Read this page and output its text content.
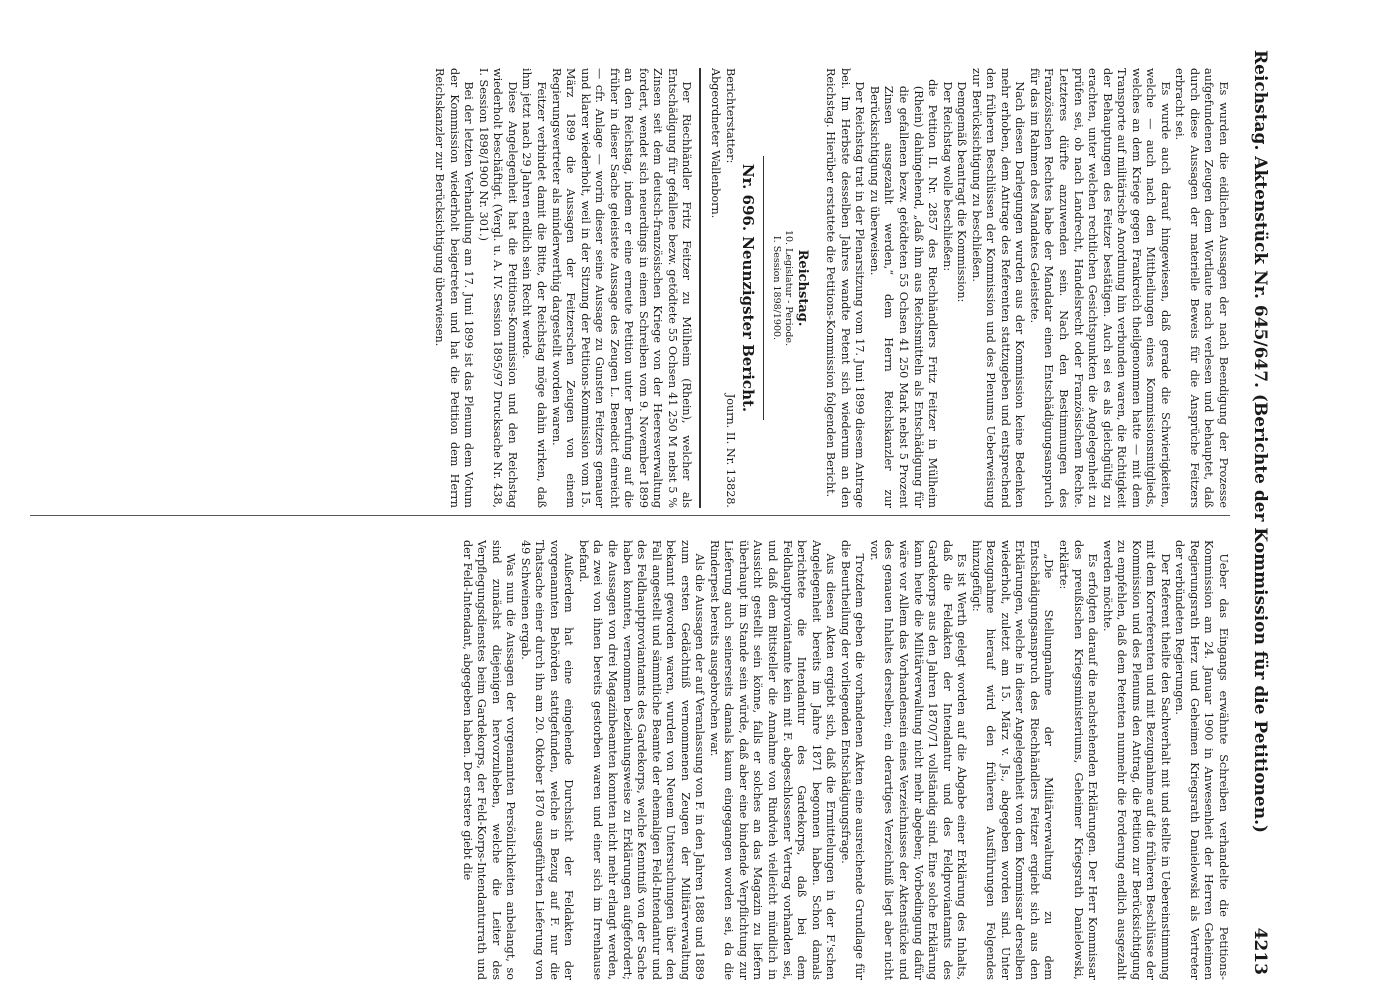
Reichstag. Aktenstück Nr. 645/647. (Berichte der Kommission für die Petitionen.)
4213

Es wurden die eidlichen Aussagen der nach Beendigung der Prozesse aufgefundenen Zeugen dem Wortlaute nach verlesen und behauptet, daß durch diese Aussagen der materielle Beweis für die Ansprüche Feitzers erbracht sei.

Es wurde auch darauf hingewiesen, daß gerade die Schwierigkeiten, welche — auch nach den Mittheilungen eines Kommissionsmitglieds, welches an dem Kriege gegen Frankreich theilgenommen hatte — mit dem Transporte auf militärische Anordnung hin verbunden waren, die Richtigkeit der Behauptungen des Feitzer bestätigen. Auch sei es als gleichgültig zu erachten, unter welchen rechtlichen Gesichtspunkten die Angelegenheit zu prüfen sei, ob nach Landrecht, Handelsrecht oder Französischem Rechte. Letzteres dürfte anzuwenden sein. Nach den Bestimmungen des Französischen Rechtes habe der Mandatar einen Entschädigungsanspruch für das im Rahmen des Mandates Geleistete.

Nach diesen Darlegungen wurden aus der Kommission keine Bedenken mehr erhoben, dem Antrage des Referenten stattzugeben und entsprechend den früheren Beschlüssen der Kommission und des Plenums Ueberweisung zur Berücksichtigung zu beschließen.

Demgemäß beantragt die Kommission:

Der Reichstag wolle beschließen:

die Petition II. Nr. 2857 des Riechhändlers Fritz Feitzer in Mülheim (Rhein) dahingehend, „daß ihm aus Reichsmitteln als Entschädigung für die gefallenen bezw. getödteten 55 Ochsen 41 250 Mark nebst 5 Prozent Zinsen ausgezahlt werden,“ dem Herrn Reichskanzler zur Berücksichtigung zu überweisen.

Der Reichstag trat in der Plenarsitzung vom 17. Juni 1899 diesem Antrage bei. Im Herbste desselben Jahres wandte Petent sich wiederum an den Reichstag. Hierüber erstattete die Petitions-Kommission folgenden Bericht.

Reichstag.

10. Legislatur - Periode.

I. Session 1898/1900.

Nr. 696. Neunzigster Bericht.

Berichterstatter:
Journ. II. Nr. 13828.

Abgeordneter Wallenborn.

Der Riechhändler Fritz Feitzer zu Mülheim (Rhein), welcher als Entschädigung für gefallene bezw. getödtete 55 Ochsen 41 250 M nebst 5 % Zinsen seit dem deutsch-französischen Kriege von der Heeresverwaltung fordert, wendet sich neuerdings in einem Schreiben vom 9. November 1899 an den Reichstag, indem er eine erneute Petition unter Berufung auf die früher in dieser Sache geleistete Aussage des Zeugen L. Benedict einreicht — cfr. Anlage — worin dieser seine Aussage zu Gunsten Feitzers genauer und klarer wiederholt, weil in der Sitzung der Petitions-Kommission vom 15. März 1899 die Aussagen der Feitzerschen Zeugen von einem Regierungsvertreter als minderwerthig dargestellt worden waren.

Feitzer verbindet damit die Bitte, der Reichstag möge dahin wirken, daß ihm jetzt nach 29 Jahren endlich sein Recht werde.

Diese Angelegenheit hat die Petitions-Kommission und den Reichstag wiederholt beschäftigt. (Vergl. u. A. IV. Session 1895/97 Drucksache Nr. 438, I. Session 1898/1900 Nr. 301.)

Bei der letzten Verhandlung am 17. Juni 1899 ist das Plenum dem Votum der Kommission wiederholt beigetreten und hat die Petition dem Herrn Reichskanzler zur Berücksichtigung überwiesen.

Ueber das Eingangs erwähnte Schreiben verhandelte die Petitions-Kommission am 24. Januar 1900 in Anwesenheit der Herren Geheimen Regierungsrath Herz und Geheimen Kriegsrath Danielowski als Vertreter der verbündeten Regierungen.

Der Referent theilte den Sachverhalt mit und stellte in Uebereinstimmung mit dem Korreferenten und mit Bezugnahme auf die früheren Beschlüsse der Kommission und des Plenums den Antrag, die Petition zur Berücksichtigung zu empfehlen, daß dem Petenten nunmehr die Forderung endlich ausgezahlt werden möchte.

Es erfolgten darauf die nachstehenden Erklärungen. Der Herr Kommissar des preußischen Kriegsministeriums, Geheimer Kriegsrath Danielowski, erklärte:

„Die Stellungnahme der Militärverwaltung zu dem Entschädigungsanspruch des Riechhändlers Feitzer ergiebt sich aus den Erklärungen, welche in dieser Angelegenheit von dem Kommissar derselben wiederholt, zuletzt am 15. März v. Js., abgegeben worden sind. Unter Bezugnahme hierauf wird den früheren Ausführungen Folgendes hinzugefügt:

Es ist Werth gelegt worden auf die Abgabe einer Erklärung des Inhalts, daß die Feldakten der Intendantur und des Feldproviantamts des Gardekorps aus den Jahren 1870/71 vollständig sind. Eine solche Erklärung kann heute die Militärverwaltung nicht mehr abgeben; Vorbedingung dafür wäre vor Allem das Vorhandensein eines Verzeichnisses der Aktenstücke und des genauen Inhaltes derselben; ein derartiges Verzeichniß liegt aber nicht vor.

Trotzdem geben die vorhandenen Akten eine ausreichende Grundlage für die Beurtheilung der vorliegenden Entschädigungsfrage.

Aus diesen Akten ergiebt sich, daß die Ermittelungen in der F.'schen Angelegenheit bereits im Jahre 1871 begonnen haben. Schon damals berichtete die Intendantur des Gardekorps, daß bei dem Feldhauptproviantamte kein mit F. abgeschlossener Vertrag vorhanden sei, und daß dem Bittsteller die Annahme von Rindvieh vielleicht mündlich in Aussicht gestellt sein könne, falls er solches an das Magazin zu liefern überhaupt im Stande sein würde, daß aber eine bindende Verpflichtung zur Lieferung auch seinerseits damals kaum eingegangen worden sei, da die Rinderpest bereits ausgebrochen war.

Als die Aussagen der auf Veranlassung von F. in den Jahren 1888 und 1889 zum ersten Gedächtniß vernommenen Zeugen der Militärverwaltung bekannt geworden waren, wurden von Neuem Untersuchungen über den Fall angestellt und sämmtliche Beamte der ehemaligen Feld-Intendantur und des Feldhauptproviantamts des Gardekorps, welche Kenntniß von der Sache haben konnten, vernommen beziehungsweise zu Erklärungen aufgefordert; die Aussagen von drei Magazinbeamten konnten nicht mehr erlangt werden, da zwei von ihnen bereits gestorben waren und einer sich im Irrenhause befand.

Außerdem hat eine eingehende Durchsicht der Feldakten der vorgenannten Behörden stattgefunden, welche in Bezug auf F. nur die Thatsache einer durch ihn am 20. Oktober 1870 ausgeführten Lieferung von 49 Schweinen ergab.

Was nun die Aussagen der vorgenannten Persönlichkeiten anbelangt, so sind zunächst diejenigen hervorzuheben, welche die Leiter des Verpflegungsdienstes beim Gardekorps, der Feld-Korps-Intendanturrath und der Feld-Intendant, abgegeben haben. Der erstere giebt die
